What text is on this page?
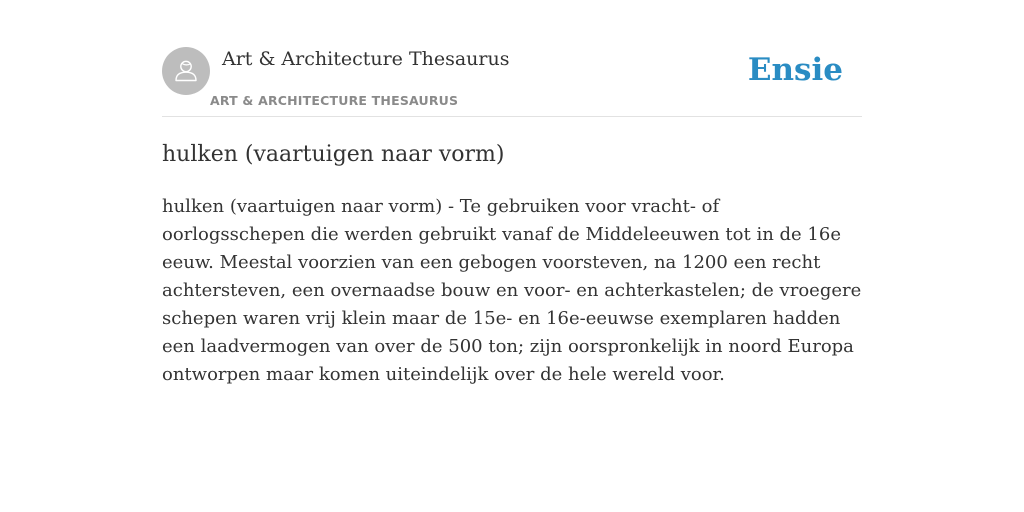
Art & Architecture Thesaurus
ART & ARCHITECTURE THESAURUS
Ensie
hulken (vaartuigen naar vorm)

hulken (vaartuigen naar vorm) - Te gebruiken voor vracht- of oorlogsschepen die werden gebruikt vanaf de Middeleeuwen tot in de 16e eeuw. Meestal voorzien van een gebogen voorsteven, na 1200 een recht achtersteven, een overnaadse bouw en voor- en achterkastelen; de vroegere schepen waren vrij klein maar de 15e- en 16e-eeuwse exemplaren hadden een laadvermogen van over de 500 ton; zijn oorspronkelijk in noord Europa ontworpen maar komen uiteindelijk over de hele wereld voor.
